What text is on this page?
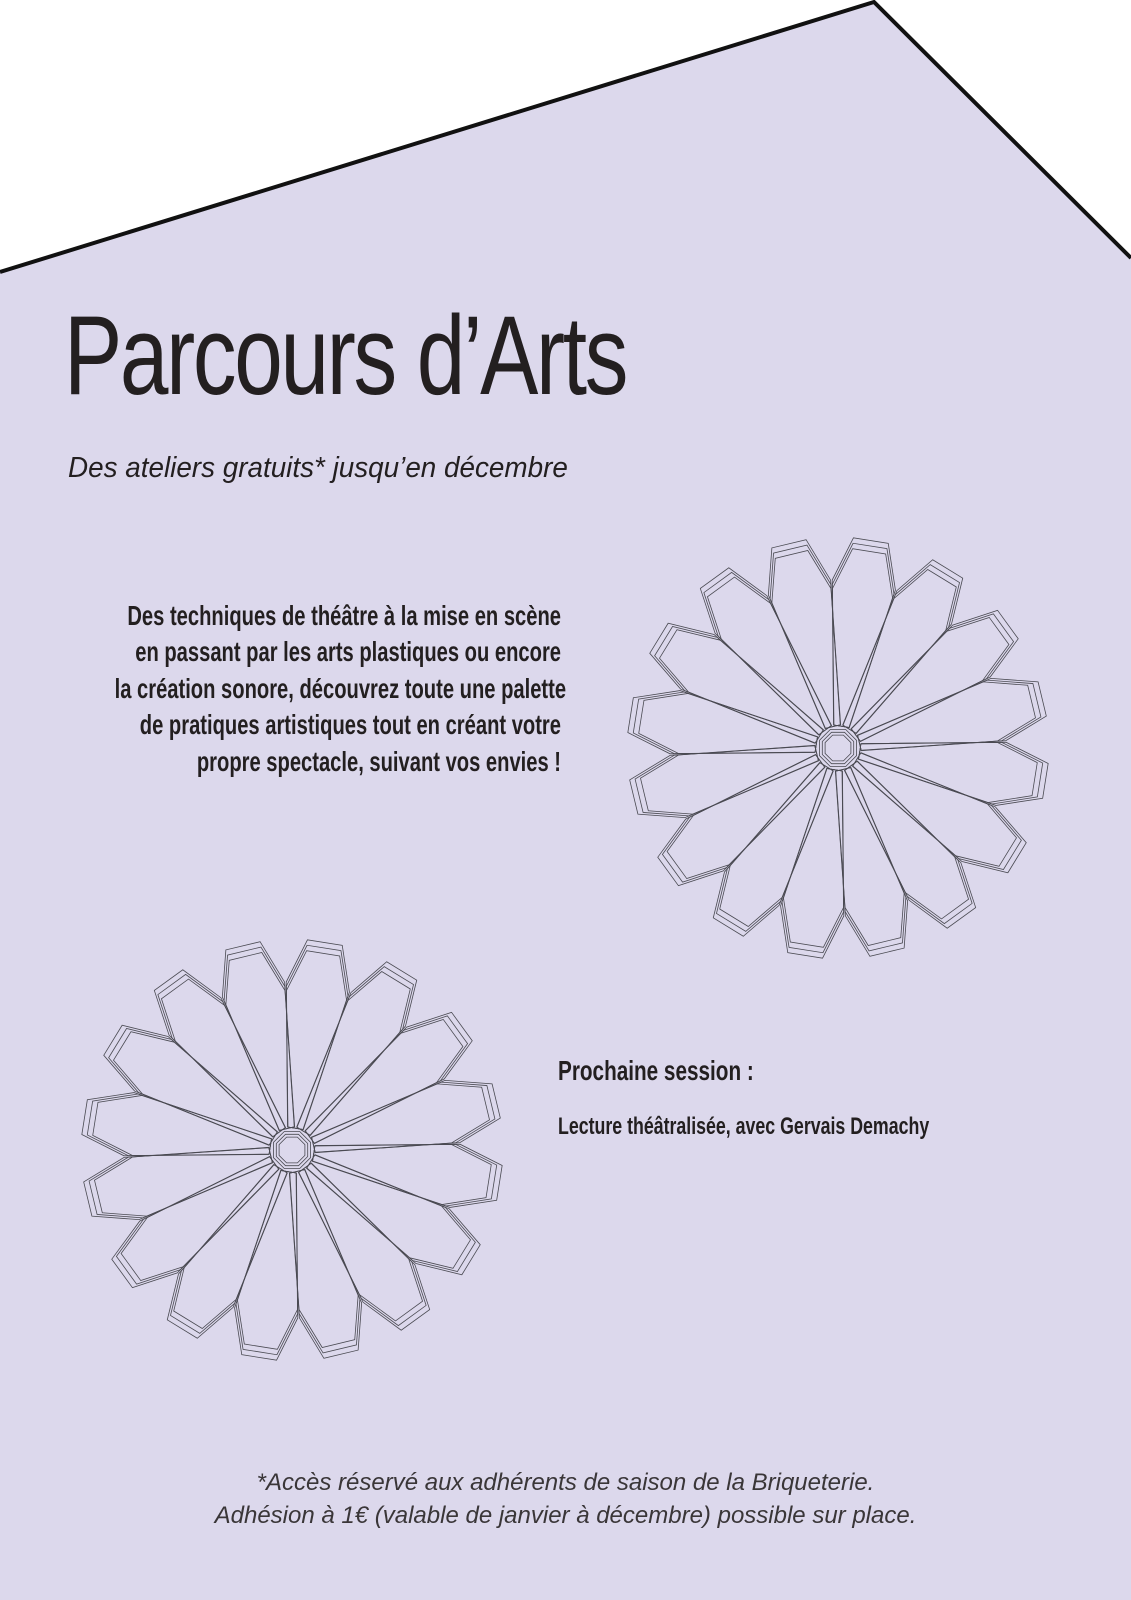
Parcours d’Arts
Des ateliers gratuits* jusqu’en décembre
Des techniques de théâtre à la mise en scène
en passant par les arts plastiques ou encore
la création sonore, découvrez toute une palette
de pratiques artistiques tout en créant votre
propre spectacle, suivant vos envies !
Prochaine session :
Lecture théâtralisée, avec Gervais Demachy
*Accès réservé aux adhérents de saison de la Briqueterie.
Adhésion à 1€ (valable de janvier à décembre) possible sur place.
